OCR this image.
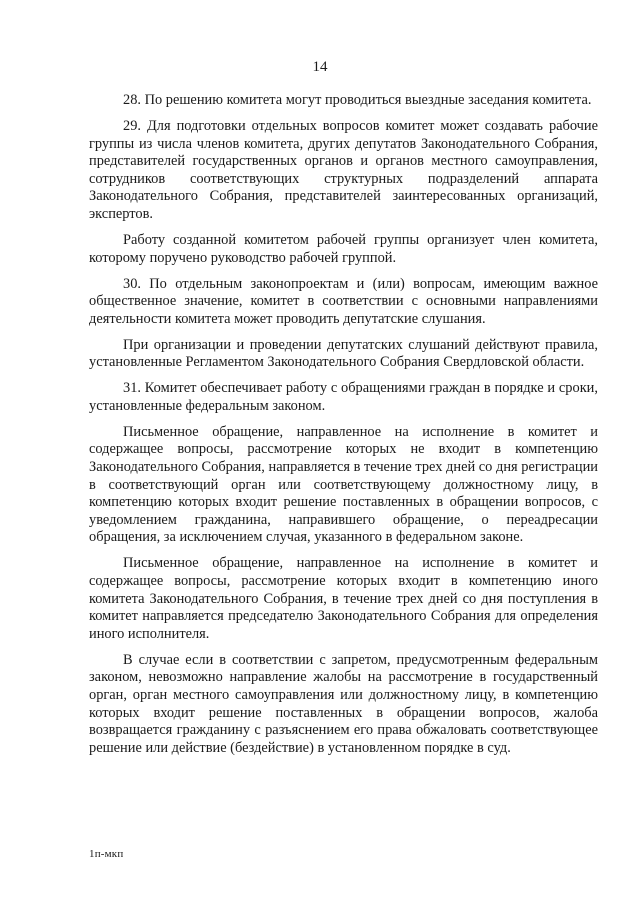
14

28. По решению комитета могут проводиться выездные заседания комитета.

29. Для подготовки отдельных вопросов комитет может создавать рабочие группы из числа членов комитета, других депутатов Законодательного Собрания, представителей государственных органов и органов местного самоуправления, сотрудников соответствующих структурных подразделений аппарата Законодательного Собрания, представителей заинтересованных организаций, экспертов.

Работу созданной комитетом рабочей группы организует член комитета, которому поручено руководство рабочей группой.

30. По отдельным законопроектам и (или) вопросам, имеющим важное общественное значение, комитет в соответствии с основными направлениями деятельности комитета может проводить депутатские слушания.

При организации и проведении депутатских слушаний действуют правила, установленные Регламентом Законодательного Собрания Свердловской области.

31. Комитет обеспечивает работу с обращениями граждан в порядке и сроки, установленные федеральным законом.

Письменное обращение, направленное на исполнение в комитет и содержащее вопросы, рассмотрение которых не входит в компетенцию Законодательного Собрания, направляется в течение трех дней со дня регистрации в соответствующий орган или соответствующему должностному лицу, в компетенцию которых входит решение поставленных в обращении вопросов, с уведомлением гражданина, направившего обращение, о переадресации обращения, за исключением случая, указанного в федеральном законе.

Письменное обращение, направленное на исполнение в комитет и содержащее вопросы, рассмотрение которых входит в компетенцию иного комитета Законодательного Собрания, в течение трех дней со дня поступления в комитет направляется председателю Законодательного Собрания для определения иного исполнителя.

В случае если в соответствии с запретом, предусмотренным федеральным законом, невозможно направление жалобы на рассмотрение в государственный орган, орган местного самоуправления или должностному лицу, в компетенцию которых входит решение поставленных в обращении вопросов, жалоба возвращается гражданину с разъяснением его права обжаловать соответствующее решение или действие (бездействие) в установленном порядке в суд.

1п-мкп
